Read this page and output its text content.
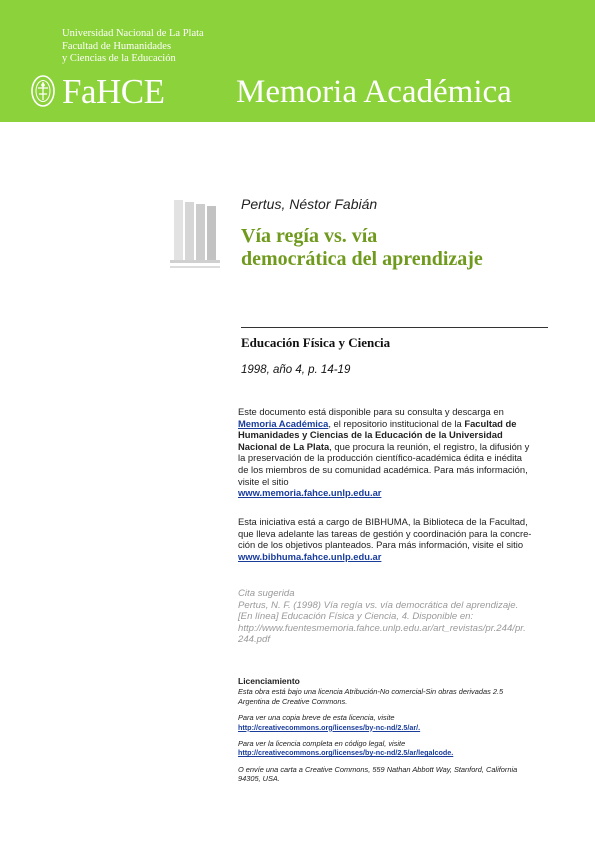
Universidad Nacional de La Plata
Facultad de Humanidades
y Ciencias de la Educación
FaHCE Memoria Académica
Pertus, Néstor Fabián
Vía regía vs. vía
democrática del aprendizaje
Educación Física y Ciencia
1998, año 4, p. 14-19
Este documento está disponible para su consulta y descarga en
Memoria Académica, el repositorio institucional de la Facultad de
Humanidades y Ciencias de la Educación de la Universidad
Nacional de La Plata, que procura la reunión, el registro, la difusión y
la preservación de la producción científico-académica édita e inédita
de los miembros de su comunidad académica. Para más información,
visite el sitio
www.memoria.fahce.unlp.edu.ar
Esta iniciativa está a cargo de BIBHUMA, la Biblioteca de la Facultad,
que lleva adelante las tareas de gestión y coordinación para la concre-
ción de los objetivos planteados. Para más información, visite el sitio
www.bibhuma.fahce.unlp.edu.ar
Cita sugerida
Pertus, N. F. (1998) Vía regía vs. vía democrática del aprendizaje.
[En línea] Educación Física y Ciencia, 4. Disponible en:
http://www.fuentesmemoria.fahce.unlp.edu.ar/art_revistas/pr.244/pr.
244.pdf
Licenciamiento
Esta obra está bajo una licencia Atribución-No comercial-Sin obras derivadas 2.5
Argentina de Creative Commons.
Para ver una copia breve de esta licencia, visite
http://creativecommons.org/licenses/by-nc-nd/2.5/ar/.
Para ver la licencia completa en código legal, visite
http://creativecommons.org/licenses/by-nc-nd/2.5/ar/legalcode.
O envíe una carta a Creative Commons, 559 Nathan Abbott Way, Stanford, California
94305, USA.
